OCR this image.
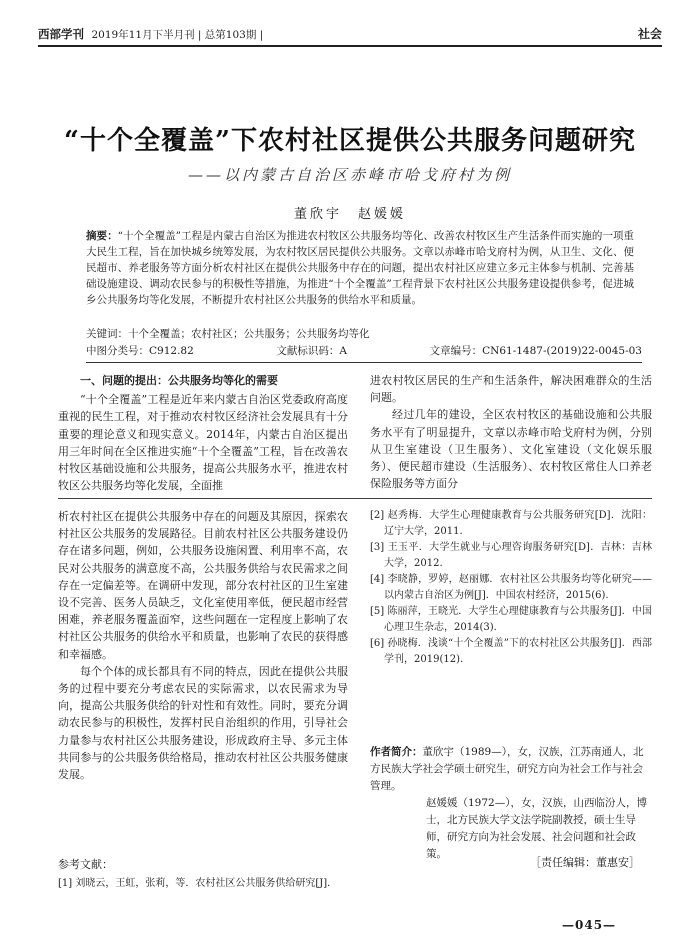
西部学刊 2019年11月下半月刊 | 总第103期 |	社会
“十个全覆盖”下农村社区提供公共服务问题研究
——以内蒙古自治区赤峰市哈戈府村为例
董欣宇　赵媛媛
摘要：“十个全覆盖”工程是内蒙古自治区为推进农村牧区公共服务均等化、改善农村牧区生产生活条件而实施的一项重大民生工程，旨在加快城乡统筹发展，为农村牧区居民提供公共服务。文章以赤峰市哈戈府村为例，从卫生、文化、便民超市、养老服务等方面分析农村社区在提供公共服务中存在的问题，提出农村社区应建立多元主体参与机制、完善基础设施建设、调动农民参与的积极性等措施，为推进“十个全覆盖”工程背景下农村社区公共服务建设提供参考，促进城乡公共服务均等化发展，不断提升农村社区公共服务的供给水平和质量。
关键词：十个全覆盖；农村社区；公共服务；公共服务均等化
中图分类号：C912.82	文献标识码：A	文章编号：CN61-1487-(2019)22-0045-03
一、问题的提出：公共服务均等化的需要

“十个全覆盖”工程是近年来内蒙古自治区党委政府高度重视的民生工程，对于推动农村牧区经济社会发展具有十分重要的理论意义和现实意义。2014年，内蒙古自治区提出用三年时间在全区推进实施“十个全覆盖”工程，旨在改善农村牧区基础设施和公共服务，提高公共服务水平，推进农村牧区公共服务均等化发展，全面推

进农村牧区居民的生产和生活条件，解决困难群众的生活问题。

经过几年的建设，全区农村牧区的基础设施和公共服务水平有了明显提升，文章以赤峰市哈戈府村为例，分别从卫生室建设（卫生服务）、文化室建设（文化娱乐服务）、便民超市建设（生活服务）、农村牧区常住人口养老保险服务等方面分

析农村社区在提供公共服务中存在的问题及其原因，探索农村社区公共服务的发展路径。目前农村社区公共服务建设仍存在诸多问题，例如，公共服务设施闲置、利用率不高，农民对公共服务的满意度不高，公共服务供给与农民需求之间存在一定偏差等。在调研中发现，部分农村社区的卫生室建设不完善、医务人员缺乏，文化室使用率低，便民超市经营困难，养老服务覆盖面窄，这些问题在一定程度上影响了农村社区公共服务的供给水平和质量，也影响了农民的获得感和幸福感。

每个个体的成长都具有不同的特点，因此在提供公共服务的过程中要充分考虑农民的实际需求，以农民需求为导向，提高公共服务供给的针对性和有效性。同时，要充分调动农民参与的积极性，发挥村民自治组织的作用，引导社会力量参与农村社区公共服务建设，形成政府主导、多元主体共同参与的公共服务供给格局，推动农村社区公共服务健康发展。

参考文献：
[1] 刘晓云，王虹，张莉，等．农村社区公共服务供给研究[J]．

[2] 赵秀梅．大学生心理健康教育与公共服务研究[D]．沈阳：辽宁大学，2011.

[3] 王玉平．大学生就业与心理咨询服务研究[D]．吉林：吉林大学，2012.

[4] 李晓静，罗婷，赵丽娜．农村社区公共服务均等化研究——以内蒙古自治区为例[J]．中国农村经济，2015(6).

[5] 陈丽萍，王晓光．大学生心理健康教育与公共服务[J]．中国心理卫生杂志，2014(3).

[6] 孙晓梅．浅谈“十个全覆盖”下的农村社区公共服务[J]．西部学刊，2019(12).

作者简介：董欣宇（1989—），女，汉族，江苏南通人，北方民族大学社会学硕士研究生，研究方向为社会工作与社会管理。
赵媛媛（1972—），女，汉族，山西临汾人，博士，北方民族大学文法学院副教授，硕士生导师，研究方向为社会发展、社会问题和社会政策。
［责任编辑：董惠安］
—045—
